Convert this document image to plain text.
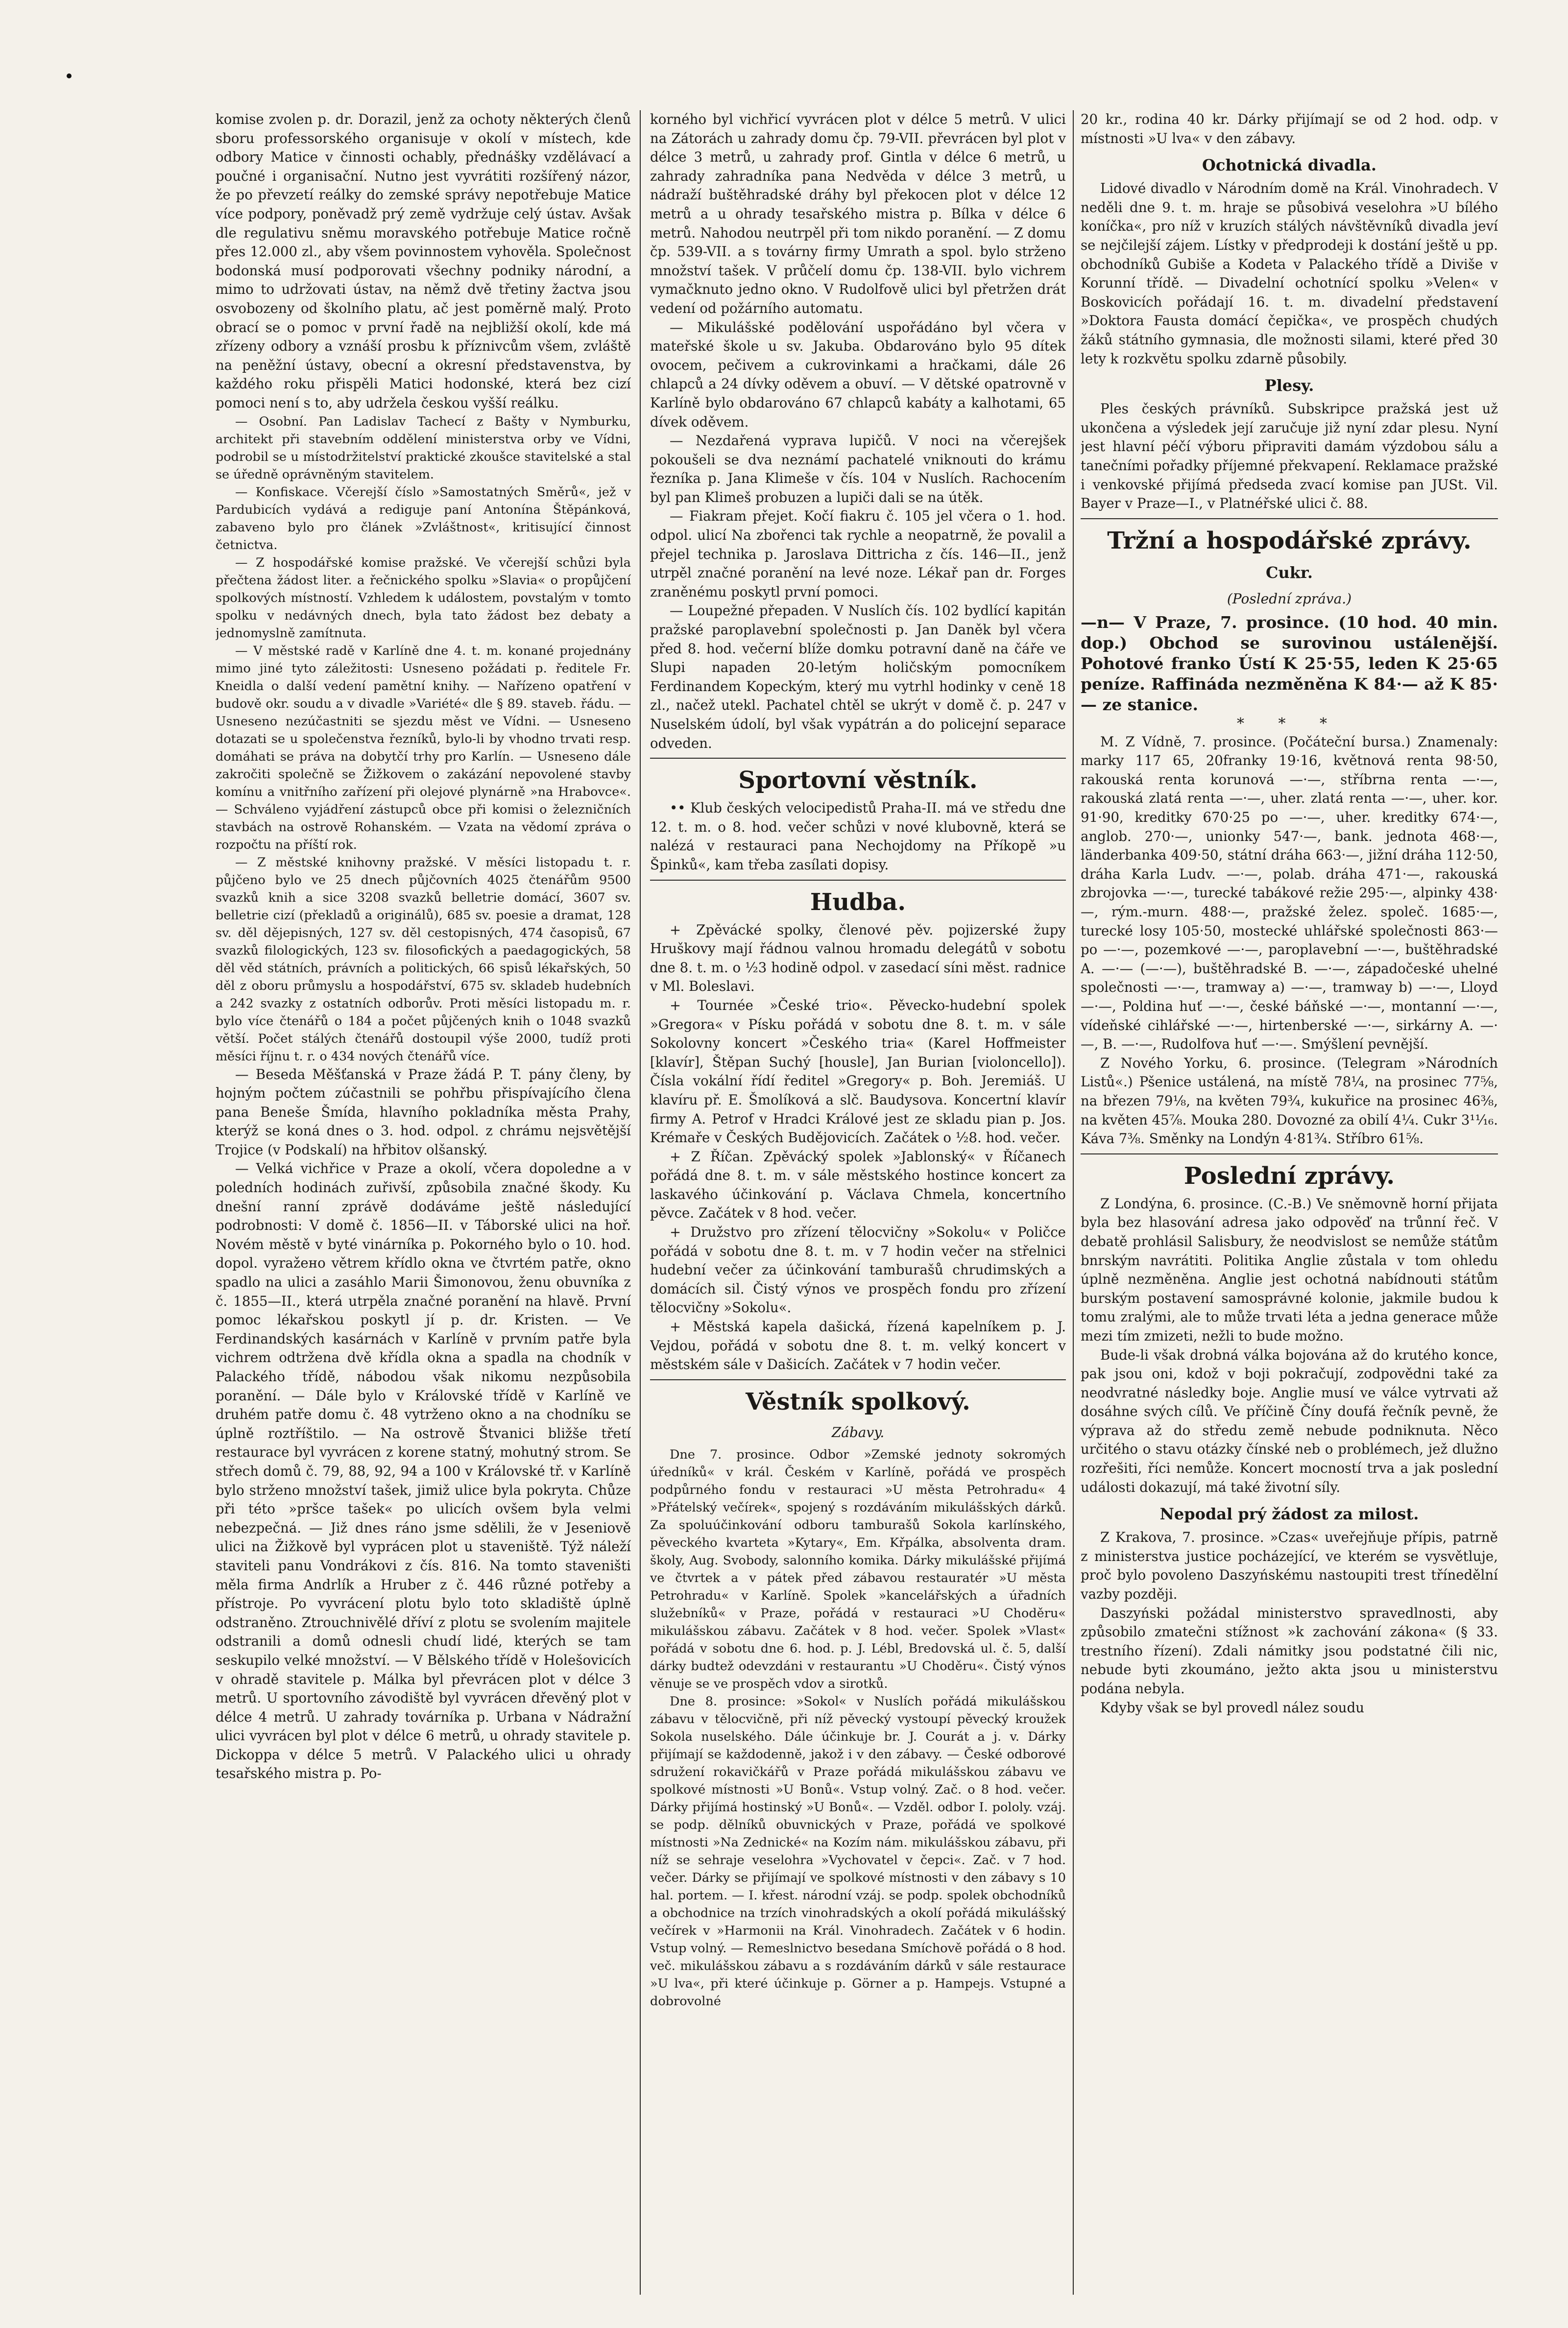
komise zvolen p. dr. Dorazil, jenž za ochoty některých členů sboru professorského organisuje v okolí v místech, kde odbory Matice v činnosti ochably, přednášky vzdělávací a poučné i organisační. Nutno jest vyvrátiti rozšířený názor, že po převzetí reálky do zemské správy nepotřebuje Matice více podpory, poněvadž prý země vydržuje celý ústav. Avšak dle regulativu sněmu moravského potřebuje Matice ročně přes 12.000 zl., aby všem povinnostem vyhověla. Společnost bodonská musí podporovati všechny podniky národní, a mimo to udržovati ústav, na němž dvě třetiny žactva jsou osvobozeny od školního platu, ač jest poměrně malý. Proto obrací se o pomoc v první řadě na nejbližší okolí, kde má zřízeny odbory a vznáší prosbu k příznivcům všem, zvláště na peněžní ústavy, obecní a okresní představenstva, by každého roku přispěli Matici hodonské, která bez cizí pomoci není s to, aby udržela českou vyšší reálku.

— Osobní. Pan Ladislav Tachecí z Bašty v Nymburku, architekt při stavebním oddělení ministerstva orby ve Vídni, podrobil se u místodržitelství praktické zkoušce stavitelské a stal se úředně oprávněným stavitelem.

— Konfiskace. Včerejší číslo »Samostatných Směrů«, jež v Pardubicích vydává a rediguje paní Antonína Štěpánková, zabaveno bylo pro článek »Zvláštnost«, kritisující činnost četnictva.

— Z hospodářské komise pražské. Ve včerejší schůzi byla přečtena žádost liter. a řečnického spolku »Slavia« o propůjčení spolkových místností. Vzhledem k událostem, povstalým v tomto spolku v nedávných dnech, byla tato žádost bez debaty a jednomyslně zamítnuta.

— V městské radě v Karlíně dne 4. t. m. konané projednány mimo jiné tyto záležitosti: Usneseno požádati p. ředitele Fr. Kneidla o další vedení pamětní knihy. — Nařízeno opatření v budově okr. soudu a v divadle »Variété« dle § 89. staveb. řádu. — Usneseno nezúčastniti se sjezdu měst ve Vídni. — Usneseno dotazati se u společenstva řezníků, bylo-li by vhodno trvati resp. domáhati se práva na dobytčí trhy pro Karlín. — Usneseno dále zakročiti společně se Žižkovem o zakázání nepovolené stavby komínu a vnitřního zařízení při olejové plynárně »na Hrabovce«. — Schváleno vyjádření zástupců obce při komisi o železničních stavbách na ostrově Rohanském. — Vzata na vědomí zpráva o rozpočtu na příští rok.

— Z městské knihovny pražské. V měsíci listopadu t. r. půjčeno bylo ve 25 dnech půjčovních 4025 čtenářům 9500 svazků knih a sice 3208 svazků belletrie domácí, 3607 sv. belletrie cizí (překladů a originálů), 685 sv. poesie a dramat, 128 sv. děl dějepisných, 127 sv. děl cestopisných, 474 časopisů, 67 svazků filologických, 123 sv. filosofických a paedagogických, 58 děl věd státních, právních a politických, 66 spisů lékařských, 50 děl z oboru průmyslu a hospodářství, 675 sv. skladeb hudebních a 242 svazky z ostatních odborův. Proti měsíci listopadu m. r. bylo více čtenářů o 184 a počet půjčených knih o 1048 svazků větší. Počet stálých čtenářů dostoupil výše 2000, tudíž proti měsíci říjnu t. r. o 434 nových čtenářů více.

— Beseda Měšťanská v Praze žádá P. T. pány členy, by hojným počtem zúčastnili se pohřbu přispívajícího člena pana Beneše Šmída, hlavního pokladníka města Prahy, kterýž se koná dnes o 3. hod. odpol. z chrámu nejsvětější Trojice (v Podskalí) na hřbitov olšanský.

— Velká vichřice v Praze a okolí, včera dopoledne a v poledních hodinách zuřivší, způsobila značné škody. Ku dnešní ranní zprávě dodáváme ještě následující podrobnosti: V domě č. 1856—II. v Táborské ulici na hoř. Novém městě v byté vinárníka p. Pokorného bylo o 10. hod. dopol. vyražено větrem křídlo okna ve čtvrtém patře, okno spadlo na ulici a zasáhlo Marii Šimonovou, ženu obuvníka z č. 1855—II., která utrpěla značné poranění na hlavě. První pomoc lékařskou poskytl jí p. dr. Kristen. — Ve Ferdinandských kasárnách v Karlíně v prvním patře byla vichrem odtržena dvě křídla okna a spadla na chodník v Palackého třídě, nábodou však nikomu nezpůsobila poranění. — Dále bylo v Královské třídě v Karlíně ve druhém patře domu č. 48 vytrženo okno a na chodníku se úplně roztříštilo. — Na ostrově Štvanici bližše třetí restaurace byl vyvrácen z korene statný, mohutný strom. Se střech domů č. 79, 88, 92, 94 a 100 v Královské tř. v Karlíně bylo strženo množství tašek, jimiž ulice byla pokryta. Chůze při této »pršce tašek« po ulicích ovšem byla velmi nebezpečná. — Již dnes ráno jsme sdělili, že v Jeseniově ulici na Žižkově byl vyprácen plot u staveniště. Týž náleží staviteli panu Vondrákovi z čís. 816. Na tomto staveništi měla firma Andrlík a Hruber z č. 446 různé potřeby a přístroje. Po vyvrácení plotu bylo toto skladiště úplně odstraněno. Ztrouchnivělé dříví z plotu se svolením majitele odstranili a domů odnesli chudí lidé, kterých se tam seskupilo velké množství. — V Bělského třídě v Holešovicích v ohradě stavitele p. Málka byl převrácen plot v délce 3 metrů. U sportovního závodiště byl vyvrácen dřevěný plot v délce 4 metrů. U zahrady továrníka p. Urbana v Nádražní ulici vyvrácen byl plot v délce 6 metrů, u ohrady stavitele p. Dickoppa v délce 5 metrů. V Palackého ulici u ohrady tesařského mistra p. Po-

korného byl vichřicí vyvrácen plot v délce 5 metrů. V ulici na Zátorách u zahrady domu čp. 79-VII. převrácen byl plot v délce 3 metrů, u zahrady prof. Gintla v délce 6 metrů, u zahrady zahradníka pana Nedvěda v délce 3 metrů, u nádraží buštěhradské dráhy byl překocen plot v délce 12 metrů a u ohrady tesařského mistra p. Bílka v délce 6 metrů. Nahodou neutrpěl při tom nikdo poranění. — Z domu čp. 539-VII. a s továrny firmy Umrath a spol. bylo strženo množství tašek. V průčelí domu čp. 138-VII. bylo vichrem vymačknuto jedno okno. V Rudolfově ulici byl přetržen drát vedení od požárního automatu.

— Mikulášské podělování uspořádáno byl včera v mateřské škole u sv. Jakuba. Obdarováno bylo 95 dítek ovocem, pečivem a cukrovinkami a hračkami, dále 26 chlapců a 24 dívky oděvem a obuví. — V dětské opatrovně v Karlíně bylo obdarováno 67 chlapců kabáty a kalhotami, 65 dívek oděvem.

— Nezdařená vyprava lupičů. V noci na včerejšek pokoušeli se dva neznámí pachatelé vniknouti do krámu řezníka p. Jana Klimeše v čís. 104 v Nuslích. Rachocením byl pan Klimeš probuzen a lupiči dali se na útěk.

— Fiakram přejet. Kočí fiakru č. 105 jel včera o 1. hod. odpol. ulicí Na zbořenci tak rychle a neopatrně, že povalil a přejel technika p. Jaroslava Dittricha z čís. 146—II., jenž utrpěl značné poranění na levé noze. Lékař pan dr. Forges zraněnému poskytl první pomoci.

— Loupežné přepaden. V Nuslích čís. 102 bydlící kapitán pražské paroplavební společnosti p. Jan Daněk byl včera před 8. hod. večerní blíže domku potravní daně na čáře ve Slupi napaden 20-letým holičským pomocníkem Ferdinandem Kopeckým, který mu vytrhl hodinky v ceně 18 zl., načež utekl. Pachatel chtěl se ukrýt v domě č. p. 247 v Nuselském údolí, byl však vypátrán a do policejní separace odveden.

Sportovní věstník.

•• Klub českých velocipedistů Praha-II. má ve středu dne 12. t. m. o 8. hod. večer schůzi v nové klubovně, která se nalézá v restauraci pana Nechojdomy na Příkopě »u Špinků«, kam třeba zasílati dopisy.

Hudba.

+ Zpěvácké spolky, členové pěv. pojizerské župy Hruškovy mají řádnou valnou hromadu delegátů v sobotu dne 8. t. m. o ½3 hodině odpol. v zasedací síni měst. radnice v Ml. Boleslavi.

+ Tournée »České trio«. Pěvecko-hudební spolek »Gregora« v Písku pořádá v sobotu dne 8. t. m. v sále Sokolovny koncert »Českého tria« (Karel Hoffmeister [klavír], Štěpan Suchý [housle], Jan Burian [violoncello]). Čísla vokální řídí ředitel »Gregory« p. Boh. Jeremiáš. U klavíru př. E. Šmolíková a slč. Baudysova. Koncertní klavír firmy A. Petrof v Hradci Králové jest ze skladu pian p. Jos. Krémaře v Českých Budějovicích. Začátek o ½8. hod. večer.

+ Z Říčan. Zpěvácký spolek »Jablonský« v Říčanech pořádá dne 8. t. m. v sále městského hostince koncert za laskavého účinkování p. Václava Chmela, koncertního pěvce. Začátek v 8 hod. večer.

+ Družstvo pro zřízení tělocvičny »Sokolu« v Poličce pořádá v sobotu dne 8. t. m. v 7 hodin večer na střelnici hudební večer za účinkování tamburašů chrudimských a domácích sil. Čistý výnos ve prospěch fondu pro zřízení tělocvičny »Sokolu«.

+ Městská kapela dašická, řízená kapelníkem p. J. Vejdou, pořádá v sobotu dne 8. t. m. velký koncert v městském sále v Dašicích. Začátek v 7 hodin večer.

Věstník spolkový.
Zábavy.

Dne 7. prosince. Odbor »Zemské jednoty sokromých úředníků« v král. Českém v Karlíně, pořádá ve prospěch podpůrného fondu v restauraci »U města Petrohradu« 4 »Přátelský večírek«, spojený s rozdáváním mikulášských dárků. Za spoluúčinkování odboru tamburašů Sokola karlínského, pěveckého kvarteta »Kytary«, Em. Křpálka, absolventa dram. školy, Aug. Svobody, salonního komika. Dárky mikulášské přijímá ve čtvrtek a v pátek před zábavou restauratér »U města Petrohradu« v Karlíně. Spolek »kancelářských a úřadních služebníků« v Praze, pořádá v restauraci »U Choděru« mikulášskou zábavu. Začátek v 8 hod. večer. Spolek »Vlast« pořádá v sobotu dne 6. hod. p. J. Lébl, Bredovská ul. č. 5, další dárky budtež odevzdáni v restaurantu »U Choděru«. Čistý výnos věnuje se ve prospěch vdov a sirotků.

Dne 8. prosince: »Sokol« v Nuslích pořádá mikulášskou zábavu v tělocvičně, při níž pěvecký vystoupí pěvecký kroužek Sokola nuselského. Dále účinkuje br. J. Courát a j. v. Dárky přijímají se každodenně, jakož i v den zábavy. — České odborové sdružení rokavičkářů v Praze pořádá mikulášskou zábavu ve spolkové místnosti »U Bonů«. Vstup volný. Zač. o 8 hod. večer. Dárky přijímá hostinský »U Bonů«. — Vzděl. odbor I. pololy. vzáj. se podp. dělníků obuvnických v Praze, pořádá ve spolkové místnosti »Na Zednické« na Kozím nám. mikulášskou zábavu, při níž se sehraje veselohra »Vychovatel v čepci«. Zač. v 7 hod. večer. Dárky se přijímají ve spolkové místnosti v den zábavy s 10 hal. portem. — I. křest. národní vzáj. se podp. spolek obchodníků a obchodnice na trzích vinohradských a okolí pořádá mikulášský večírek v »Harmonii na Král. Vinohradech. Začátek v 6 hodin. Vstup volný. — Remeslnictvo besedanа Smíchově pořádá o 8 hod. več. mikulášskou zábavu a s rozdáváním dárků v sále restaurace »U lva«, při které účinkuje p. Görner a p. Hampejs. Vstupné a dobrovolné

20 kr., rodina 40 kr. Dárky přijímají se od 2 hod. odp. v místnosti »U lva« v den zábavy.

Ochotnická divadla.

Lidové divadlo v Národním domě na Král. Vinohradech. V neděli dne 9. t. m. hraje se působivá veselohra »U bílého koníčka«, pro níž v kruzích stálých návštěvníků divadla jeví se nejčilejší zájem. Lístky v předprodeji k dostání ještě u pp. obchodníků Gubiše a Kodeta v Palackého třídě a Diviše v Korunní třídě. — Divadelní ochotnící spolku »Velen« v Boskovicích pořádají 16. t. m. divadelní představení »Doktora Fausta domácí čepička«, ve prospěch chudých žáků státního gymnasia, dle možnosti silami, které před 30 lety k rozkvětu spolku zdarně působily.

Plesy.

Ples českých právníků. Subskripce pražská jest už ukončena a výsledek její zaručuje již nyní zdar plesu. Nyní jest hlavní péčí výboru připraviti damám výzdobou sálu a tanečními pořadky příjemné překvapení. Reklamace pražské i venkovské přijímá předseda zvací komise pan JUSt. Vil. Bayer v Praze—I., v Platnéřské ulici č. 88.

Tržní a hospodářské zprávy.
Cukr.
(Poslední zpráva.)

—n— V Praze, 7. prosince. (10 hod. 40 min. dop.) Obchod se surovinou ustálenější. Pohotové franko Ústí K 25·55, leden K 25·65 peníze. Raffináda nezměněna K 84·— až K 85·— ze stanice.

* * *

M. Z Vídně, 7. prosince. (Počáteční bursa.) Znamenaly: marky 117 65, 20franky 19·16, květnová renta 98·50, rakouská renta korunová —·—, stříbrna renta —·—, rakouská zlatá renta —·—, uher. zlatá renta —·—, uher. kor. 91·90, kreditky 670·25 po —·—, uher. kreditky 674·—, anglob. 270·—, unionky 547·—, bank. jednota 468·—, länderbanka 409·50, státní dráha 663·—, jižní dráha 112·50, dráha Karla Ludv. —·—, polab. dráha 471·—, rakouská zbrojovka —·—, turecké tabákové režie 295·—, alpinky 438·—, rým.-murn. 488·—, pražské želez. společ. 1685·—, turecké losy 105·50, mostecké uhlářské společnosti 863·— po —·—, pozemkové —·—, paroplavební —·—, buštěhradské A. —·— (—·—), buštěhradské B. —·—, západočeské uhelné společnosti —·—, tramway a) —·—, tramway b) —·—, Lloyd —·—, Poldina huť —·—, české báňské —·—, montanní —·—, vídeňské cihlářské —·—, hirtenberské —·—, sirkárny A. —·—, B. —·—, Rudolfova huť —·—. Smýšlení pevnější.

Z Nového Yorku, 6. prosince. (Telegram »Národních Listů«.) Pšenice ustálená, na místě 78¼, na prosinec 77⅝, na březen 79⅛, na květen 79¾, kukuřice na prosinec 46⅜, na květen 45⅞. Mouka 280. Dovozné za obilí 4¼. Cukr 3¹¹⁄₁₆. Káva 7⅜. Směnky na Londýn 4·81¾. Stříbro 61⅝.

Poslední zprávy.

Z Londýna, 6. prosince. (C.-B.) Ve sněmovně horní přijata byla bez hlasování adresa jako odpověď na trůnní řeč. V debatě prohlásil Salisbury, že neodvislost se nemůže státům bnrským navrátiti. Politika Anglie zůstala v tom ohledu úplně nezměněna. Anglie jest ochotná nabídnouti státům burským postavení samosprávné kolonie, jakmile budou k tomu zralými, ale to může trvati léta a jedna generace může mezi tím zmizeti, nežli to bude možno.

Bude-li však drobná válka bojována až do krutého konce, pak jsou oni, kdož v boji pokračují, zodpovědni také za neodvratné následky boje. Anglie musí ve válce vytrvati až dosáhne svých cílů. Ve příčině Číny doufá řečník pevně, že výprava až do středu země nebude podniknuta. Něco určitého o stavu otázky čínské neb o problémech, jež dlužno rozřešiti, říci nemůže. Koncert mocností trva a jak poslední události dokazují, má také životní síly.

Nepodal prý žádost za milost.

Z Krakova, 7. prosince. »Czas« uveřejňuje přípis, patrně z ministerstva justice pocházející, ve kterém se vysvětluje, proč bylo povoleno Daszyńskému nastoupiti trest třínedělní vazby později.

Daszyński požádal ministerstvo spravedlnosti, aby způsobilo zmatečni stížnost »k zachování zákona« (§ 33. trestního řízení). Zdali námitky jsou podstatné čili nic, nebude byti zkoumáno, ježto akta jsou u ministerstvu podána nebyla.

Kdyby však se byl provedl nález soudu
